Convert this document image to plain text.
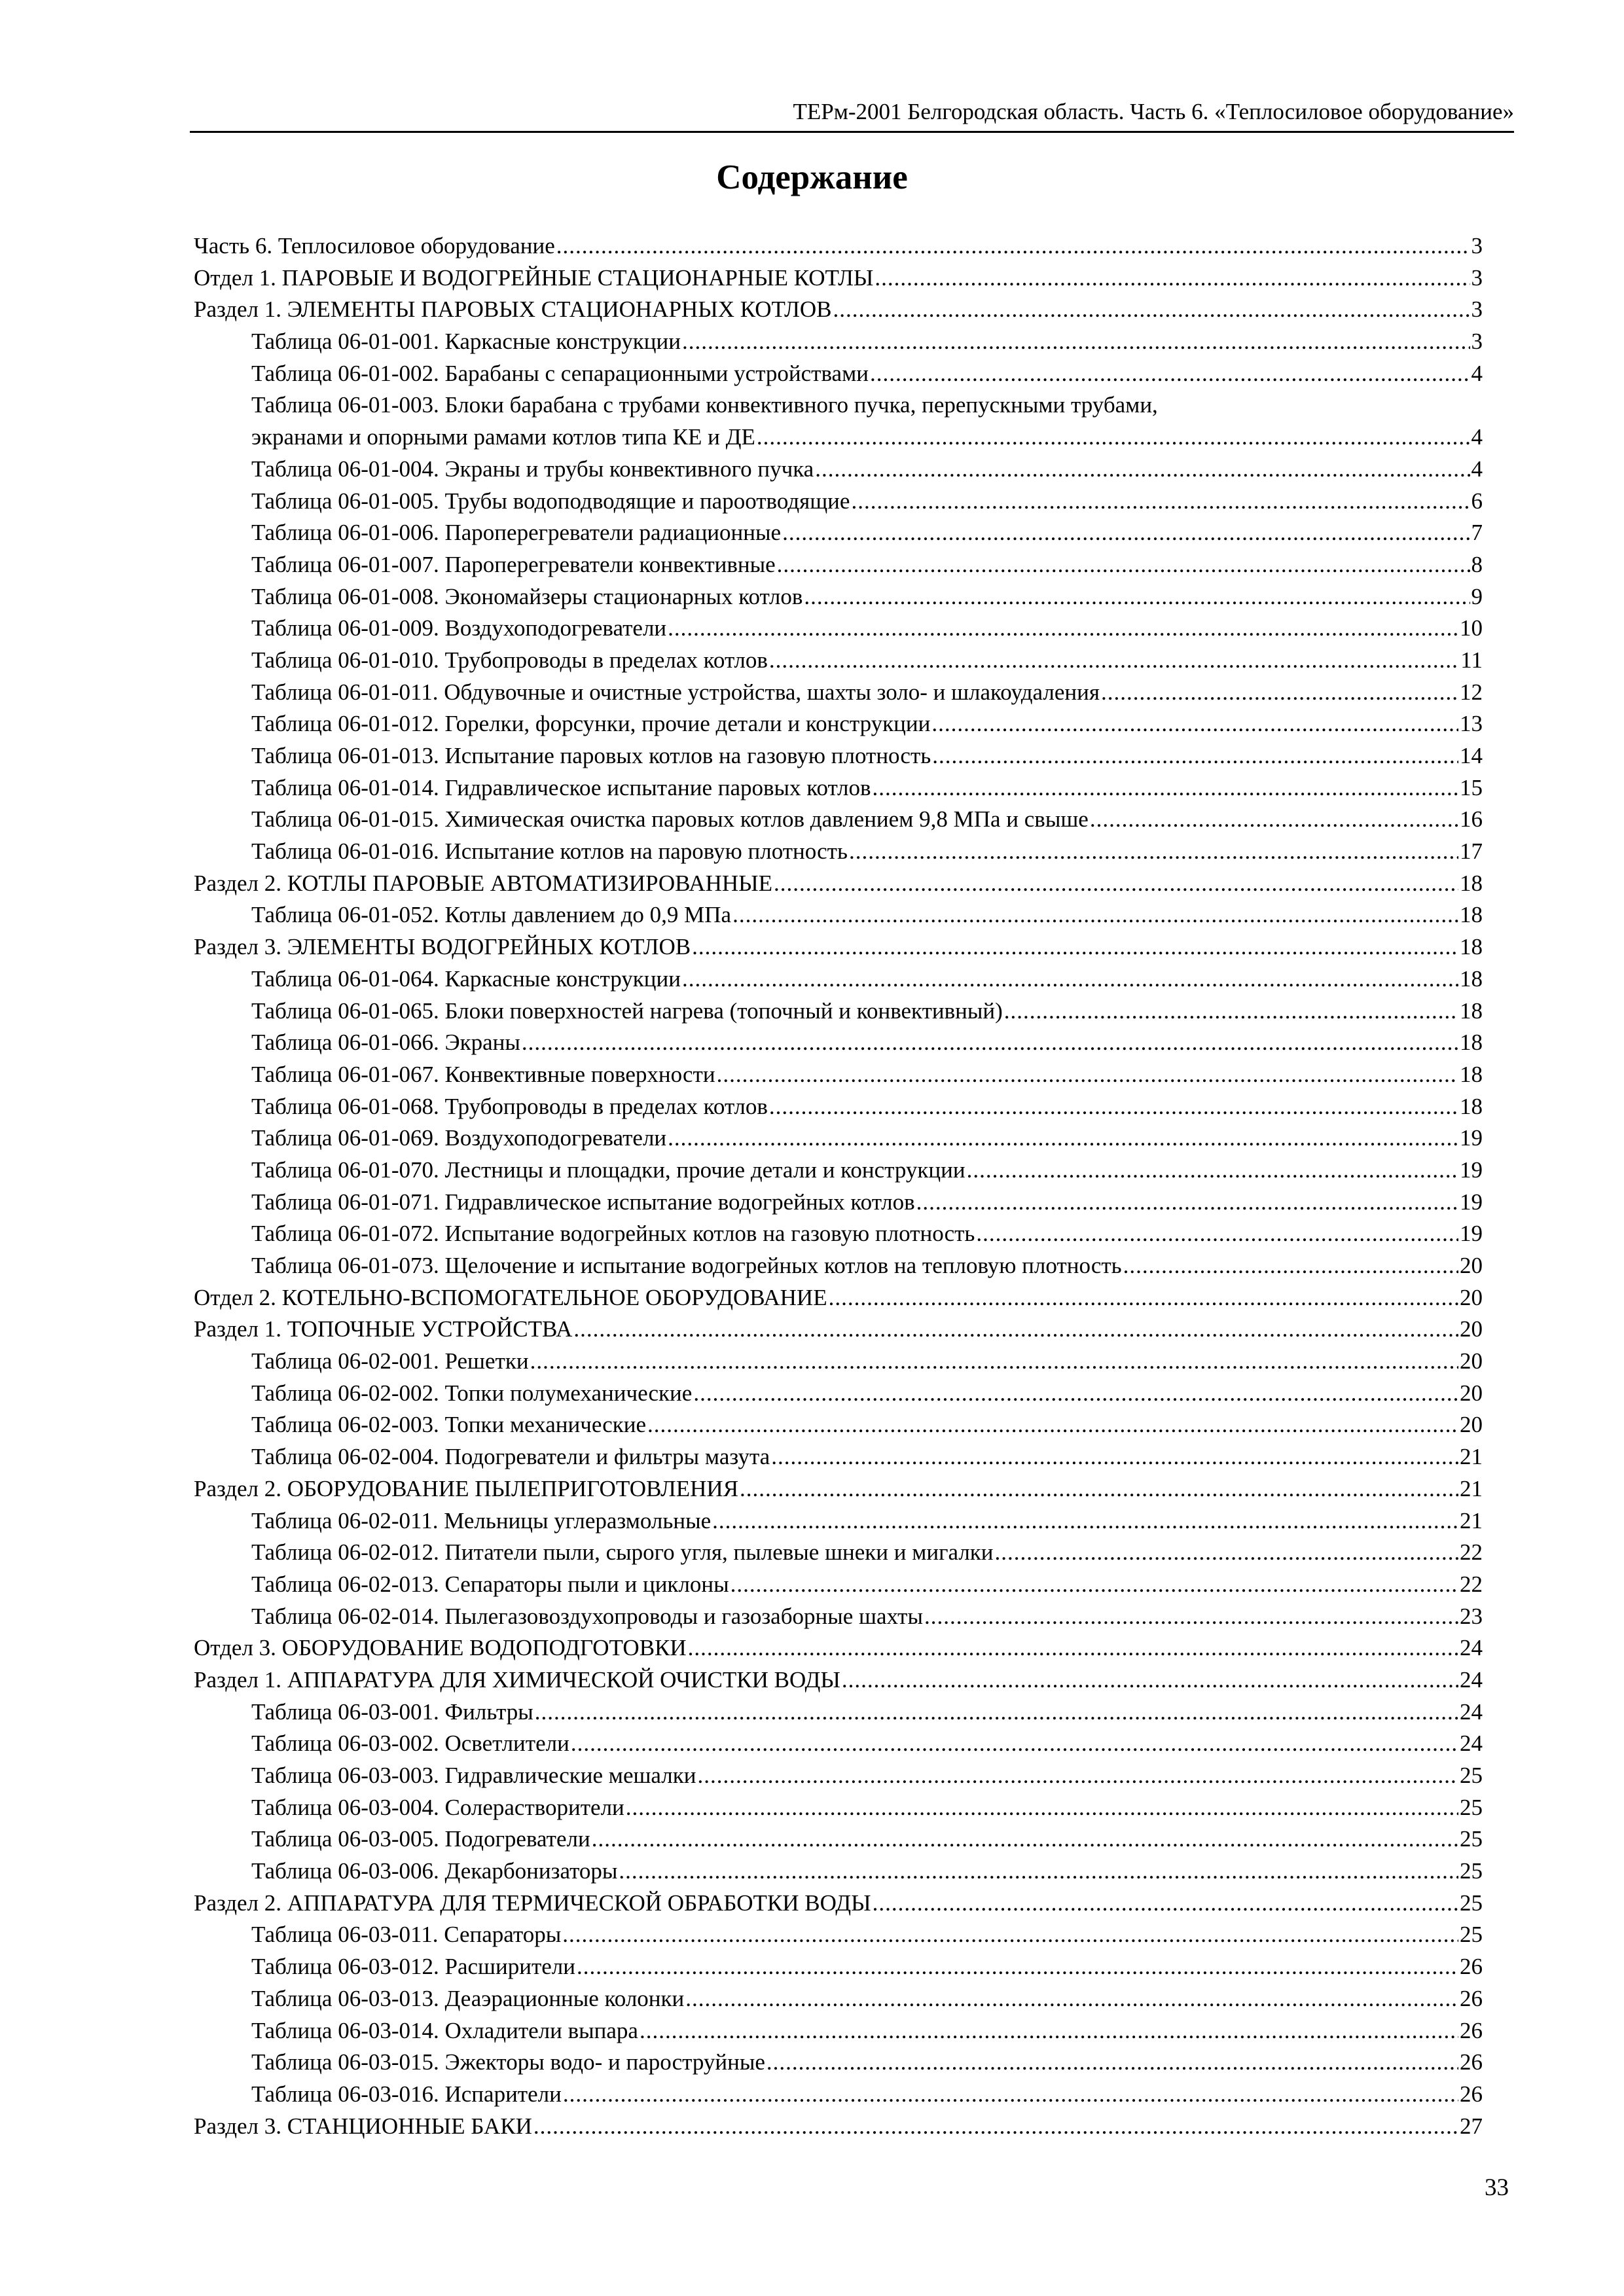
ТЕРм-2001 Белгородская область. Часть 6. «Теплосиловое оборудование»
Содержание
Часть 6. Теплосиловое оборудование .....	3
Отдел 1. ПАРОВЫЕ И ВОДОГРЕЙНЫЕ СТАЦИОНАРНЫЕ КОТЛЫ .....	3
Раздел 1. ЭЛЕМЕНТЫ ПАРОВЫХ СТАЦИОНАРНЫХ КОТЛОВ .....	3
Таблица 06-01-001. Каркасные конструкции .....	3
Таблица 06-01-002. Барабаны с сепарационными устройствами .....	4
Таблица 06-01-003. Блоки барабана с трубами конвективного пучка, перепускными трубами,
экранами и опорными рамами котлов типа КЕ и ДЕ .....	4
Таблица 06-01-004. Экраны и трубы конвективного пучка .....	4
Таблица 06-01-005. Трубы водоподводящие и пароотводящие .....	6
Таблица 06-01-006. Пароперегреватели радиационные .....	7
Таблица 06-01-007. Пароперегреватели конвективные .....	8
Таблица 06-01-008. Экономайзеры стационарных котлов .....	9
Таблица 06-01-009. Воздухоподогреватели .....	10
Таблица 06-01-010. Трубопроводы в пределах котлов .....	11
Таблица 06-01-011. Обдувочные и очистные устройства, шахты золо- и шлакоудаления .....	12
Таблица 06-01-012. Горелки, форсунки, прочие детали и конструкции .....	13
Таблица 06-01-013. Испытание паровых котлов на газовую плотность .....	14
Таблица 06-01-014. Гидравлическое испытание паровых котлов .....	15
Таблица 06-01-015. Химическая очистка паровых котлов давлением 9,8 МПа и свыше .....	16
Таблица 06-01-016. Испытание котлов на паровую плотность .....	17
Раздел 2. КОТЛЫ ПАРОВЫЕ АВТОМАТИЗИРОВАННЫЕ .....	18
Таблица 06-01-052. Котлы давлением до 0,9 МПа .....	18
Раздел 3. ЭЛЕМЕНТЫ ВОДОГРЕЙНЫХ КОТЛОВ .....	18
Таблица 06-01-064. Каркасные конструкции .....	18
Таблица 06-01-065. Блоки поверхностей нагрева (топочный и конвективный) .....	18
Таблица 06-01-066. Экраны .....	18
Таблица 06-01-067. Конвективные поверхности .....	18
Таблица 06-01-068. Трубопроводы в пределах котлов .....	18
Таблица 06-01-069. Воздухоподогреватели .....	19
Таблица 06-01-070. Лестницы и площадки, прочие детали и конструкции .....	19
Таблица 06-01-071. Гидравлическое испытание водогрейных котлов .....	19
Таблица 06-01-072. Испытание водогрейных котлов на газовую плотность .....	19
Таблица 06-01-073. Щелочение и испытание водогрейных котлов на тепловую плотность .....	20
Отдел 2. КОТЕЛЬНО-ВСПОМОГАТЕЛЬНОЕ ОБОРУДОВАНИЕ .....	20
Раздел 1. ТОПОЧНЫЕ УСТРОЙСТВА .....	20
Таблица 06-02-001. Решетки .....	20
Таблица 06-02-002. Топки полумеханические .....	20
Таблица 06-02-003. Топки механические .....	20
Таблица 06-02-004. Подогреватели и фильтры мазута .....	21
Раздел 2. ОБОРУДОВАНИЕ ПЫЛЕПРИГОТОВЛЕНИЯ .....	21
Таблица 06-02-011. Мельницы углеразмольные .....	21
Таблица 06-02-012. Питатели пыли, сырого угля, пылевые шнеки и мигалки .....	22
Таблица 06-02-013. Сепараторы пыли и циклоны .....	22
Таблица 06-02-014. Пылегазовоздухопроводы и газозаборные шахты .....	23
Отдел 3. ОБОРУДОВАНИЕ ВОДОПОДГОТОВКИ .....	24
Раздел 1. АППАРАТУРА ДЛЯ ХИМИЧЕСКОЙ ОЧИСТКИ ВОДЫ .....	24
Таблица 06-03-001. Фильтры .....	24
Таблица 06-03-002. Осветлители .....	24
Таблица 06-03-003. Гидравлические мешалки .....	25
Таблица 06-03-004. Солерастворители .....	25
Таблица 06-03-005. Подогреватели .....	25
Таблица 06-03-006. Декарбонизаторы .....	25
Раздел 2. АППАРАТУРА ДЛЯ ТЕРМИЧЕСКОЙ ОБРАБОТКИ ВОДЫ .....	25
Таблица 06-03-011. Сепараторы .....	25
Таблица 06-03-012. Расширители .....	26
Таблица 06-03-013. Деаэрационные колонки .....	26
Таблица 06-03-014. Охладители выпара .....	26
Таблица 06-03-015. Эжекторы водо- и пароструйные .....	26
Таблица 06-03-016. Испарители .....	26
Раздел 3. СТАНЦИОННЫЕ БАКИ .....	27
33
